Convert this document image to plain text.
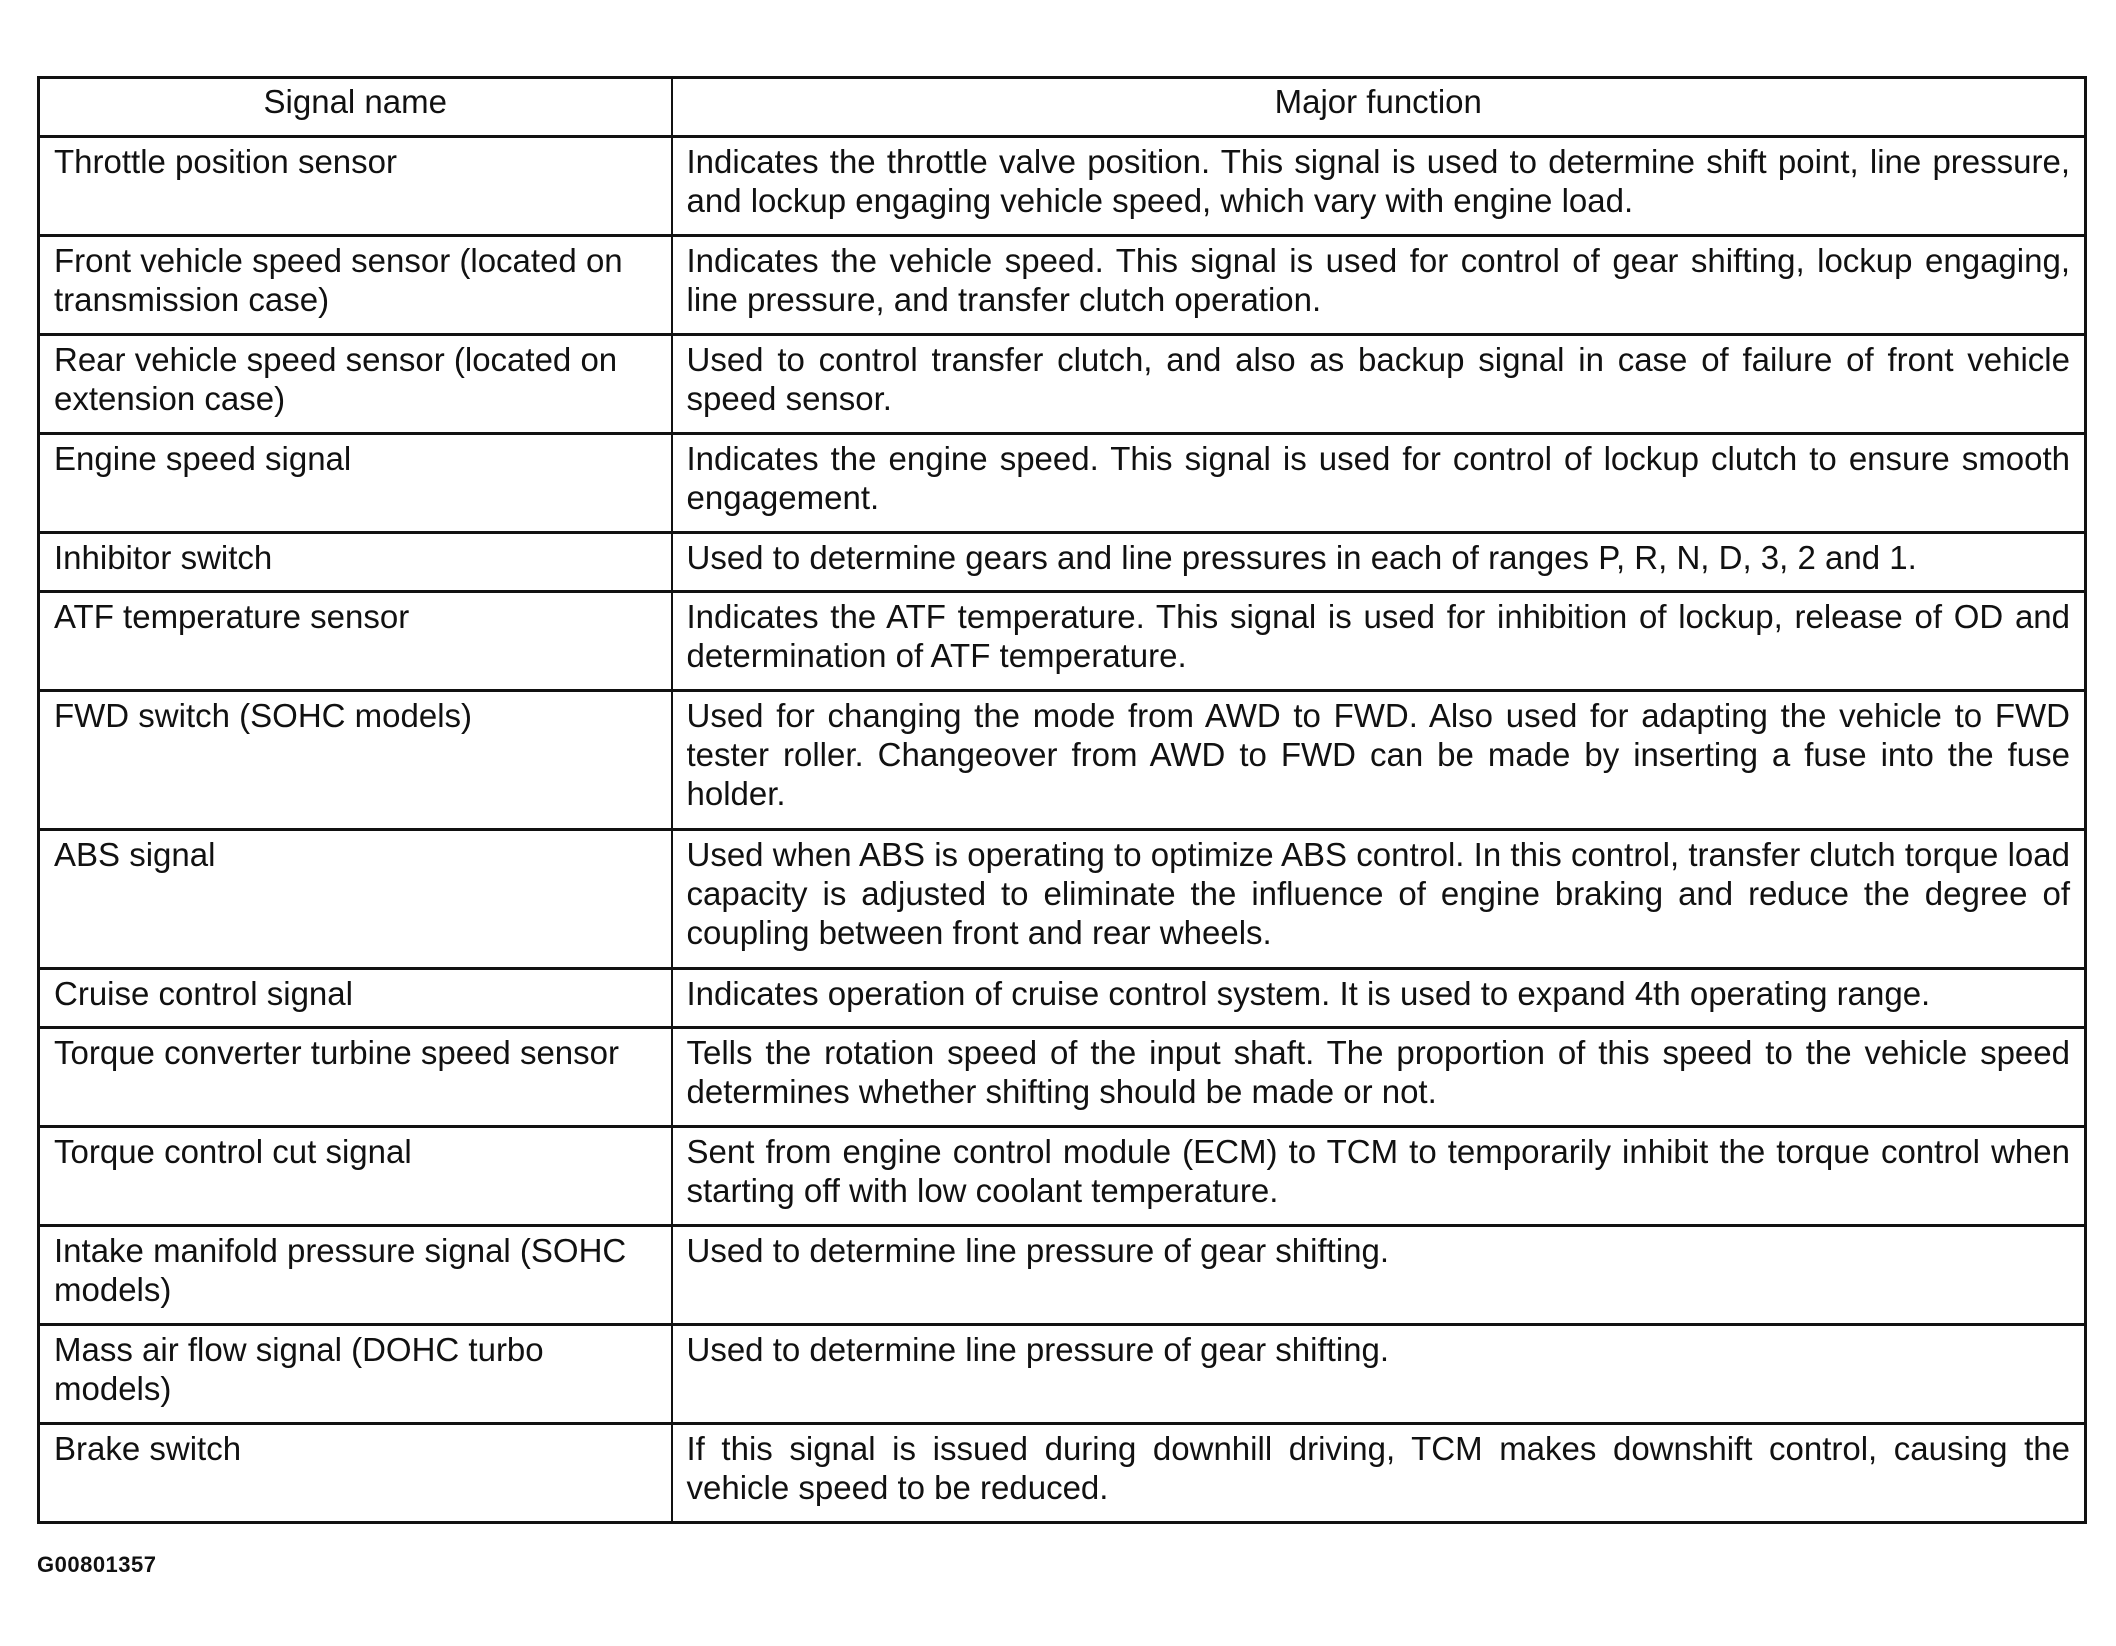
Signal name	Major function
Throttle position sensor	Indicates the throttle valve position. This signal is used to determine shift point, line pressure, and lockup engaging vehicle speed, which vary with engine load.
Front vehicle speed sensor (located on transmission case)	Indicates the vehicle speed. This signal is used for control of gear shifting, lockup engaging, line pressure, and transfer clutch operation.
Rear vehicle speed sensor (located on extension case)	Used to control transfer clutch, and also as backup signal in case of failure of front vehicle speed sensor.
Engine speed signal	Indicates the engine speed. This signal is used for control of lockup clutch to ensure smooth engagement.
Inhibitor switch	Used to determine gears and line pressures in each of ranges P, R, N, D, 3, 2 and 1.
ATF temperature sensor	Indicates the ATF temperature. This signal is used for inhibition of lockup, release of OD and determination of ATF temperature.
FWD switch (SOHC models)	Used for changing the mode from AWD to FWD. Also used for adapting the vehicle to FWD tester roller. Changeover from AWD to FWD can be made by inserting a fuse into the fuse holder.
ABS signal	Used when ABS is operating to optimize ABS control. In this control, transfer clutch torque load capacity is adjusted to eliminate the influence of engine braking and reduce the degree of coupling between front and rear wheels.
Cruise control signal	Indicates operation of cruise control system. It is used to expand 4th operating range.
Torque converter turbine speed sensor	Tells the rotation speed of the input shaft. The proportion of this speed to the vehicle speed determines whether shifting should be made or not.
Torque control cut signal	Sent from engine control module (ECM) to TCM to temporarily inhibit the torque control when starting off with low coolant temperature.
Intake manifold pressure signal (SOHC models)	Used to determine line pressure of gear shifting.
Mass air flow signal (DOHC turbo models)	Used to determine line pressure of gear shifting.
Brake switch	If this signal is issued during downhill driving, TCM makes downshift control, causing the vehicle speed to be reduced.
G00801357
